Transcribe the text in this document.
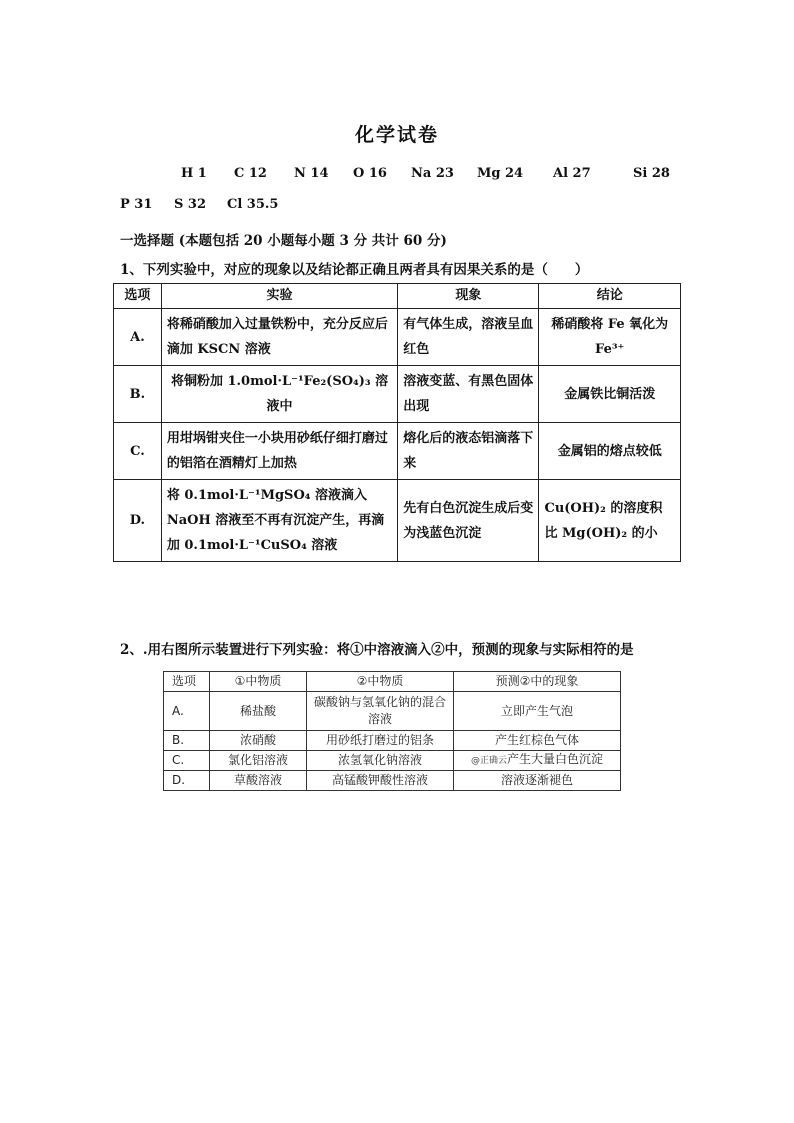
化学试卷
H 1 C 12 N 14 O 16 Na 23 Mg 24 Al 27	Si 28
P 31 S 32 Cl 35.5
一选择题 (本题包括 20 小题每小题 3 分 共计 60 分)
1、下列实验中，对应的现象以及结论都正确且两者具有因果关系的是（　　）
选项	实验	现象	结论
A.	将稀硝酸加入过量铁粉中，充分反应后滴加 KSCN 溶液	有气体生成，溶液呈血红色	稀硝酸将 Fe 氧化为 Fe³⁺
B.	将铜粉加 1.0mol·L⁻¹Fe₂(SO₄)₃ 溶液中	溶液变蓝、有黑色固体出现	金属铁比铜活泼
C.	用坩埚钳夹住一小块用砂纸仔细打磨过的铝箔在酒精灯上加热	熔化后的液态铝滴落下来	金属铝的熔点较低
D.	将 0.1mol·L⁻¹MgSO₄ 溶液滴入 NaOH 溶液至不再有沉淀产生，再滴加 0.1mol·L⁻¹CuSO₄ 溶液	先有白色沉淀生成后变为浅蓝色沉淀	Cu(OH)₂ 的溶度积比 Mg(OH)₂ 的小
2、.用右图所示装置进行下列实验：将①中溶液滴入②中，预测的现象与实际相符的是
选项	①中物质	②中物质	预测②中的现象
A.	稀盐酸	碳酸钠与氢氧化钠的混合溶液	立即产生气泡
B.	浓硝酸	用砂纸打磨过的铝条	产生红棕色气体
C.	氯化铝溶液	浓氢氧化钠溶液	@正确云产生大量白色沉淀
D.	草酸溶液	高锰酸钾酸性溶液	溶液逐渐褪色
